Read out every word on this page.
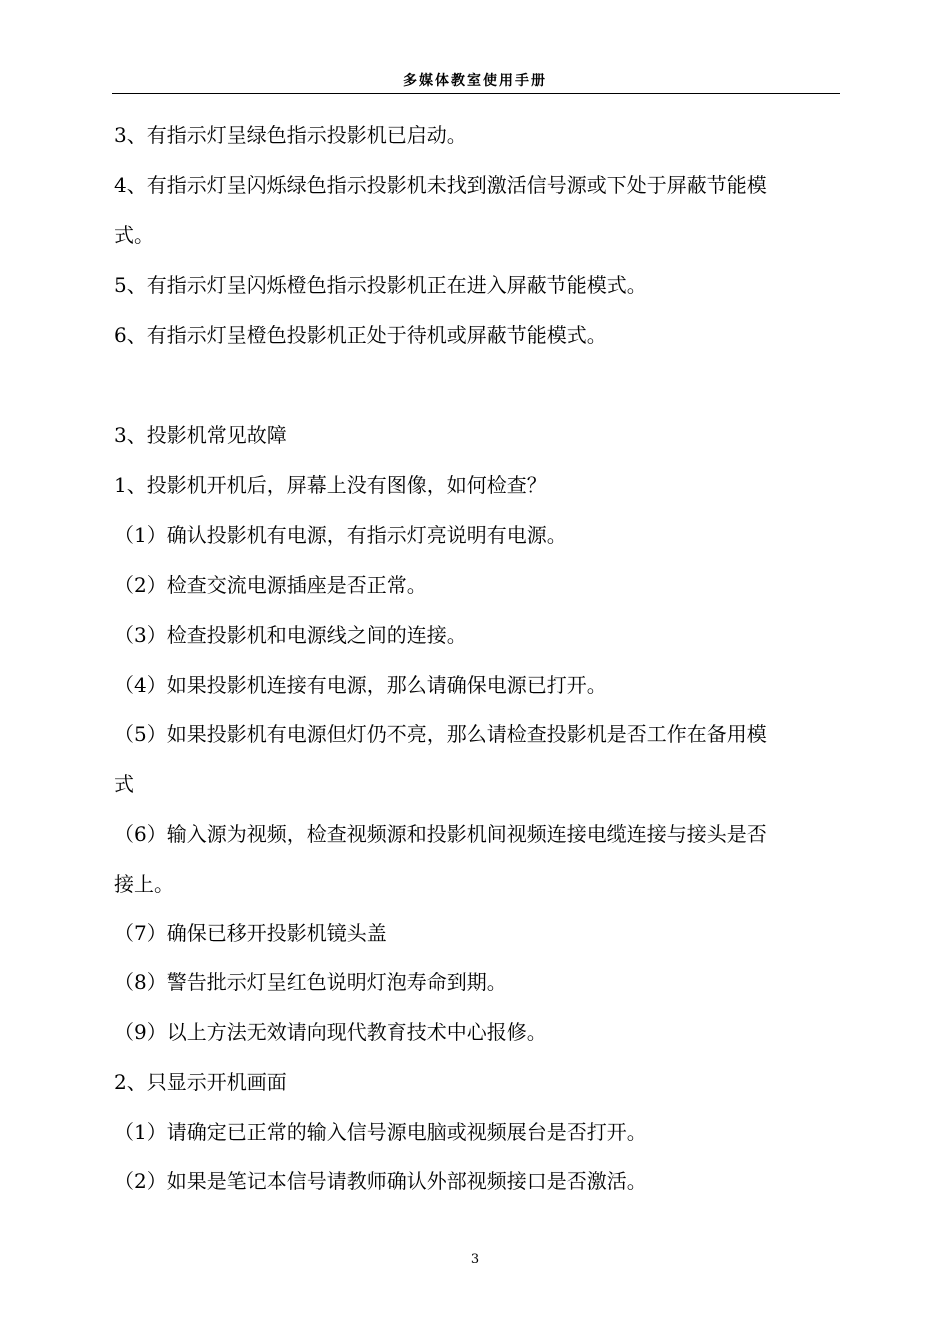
多媒体教室使用手册
3、有指示灯呈绿色指示投影机已启动。
4、有指示灯呈闪烁绿色指示投影机未找到激活信号源或下处于屏蔽节能模
式。
5、有指示灯呈闪烁橙色指示投影机正在进入屏蔽节能模式。
6、有指示灯呈橙色投影机正处于待机或屏蔽节能模式。
3、投影机常见故障
1、投影机开机后，屏幕上没有图像，如何检查？
（1）确认投影机有电源，有指示灯亮说明有电源。
（2）检查交流电源插座是否正常。
（3）检查投影机和电源线之间的连接。
（4）如果投影机连接有电源，那么请确保电源已打开。
（5）如果投影机有电源但灯仍不亮，那么请检查投影机是否工作在备用模
式
（6）输入源为视频，检查视频源和投影机间视频连接电缆连接与接头是否
接上。
（7）确保已移开投影机镜头盖
（8）警告批示灯呈红色说明灯泡寿命到期。
（9）以上方法无效请向现代教育技术中心报修。
2、只显示开机画面
（1）请确定已正常的输入信号源电脑或视频展台是否打开。
（2）如果是笔记本信号请教师确认外部视频接口是否激活。
3
